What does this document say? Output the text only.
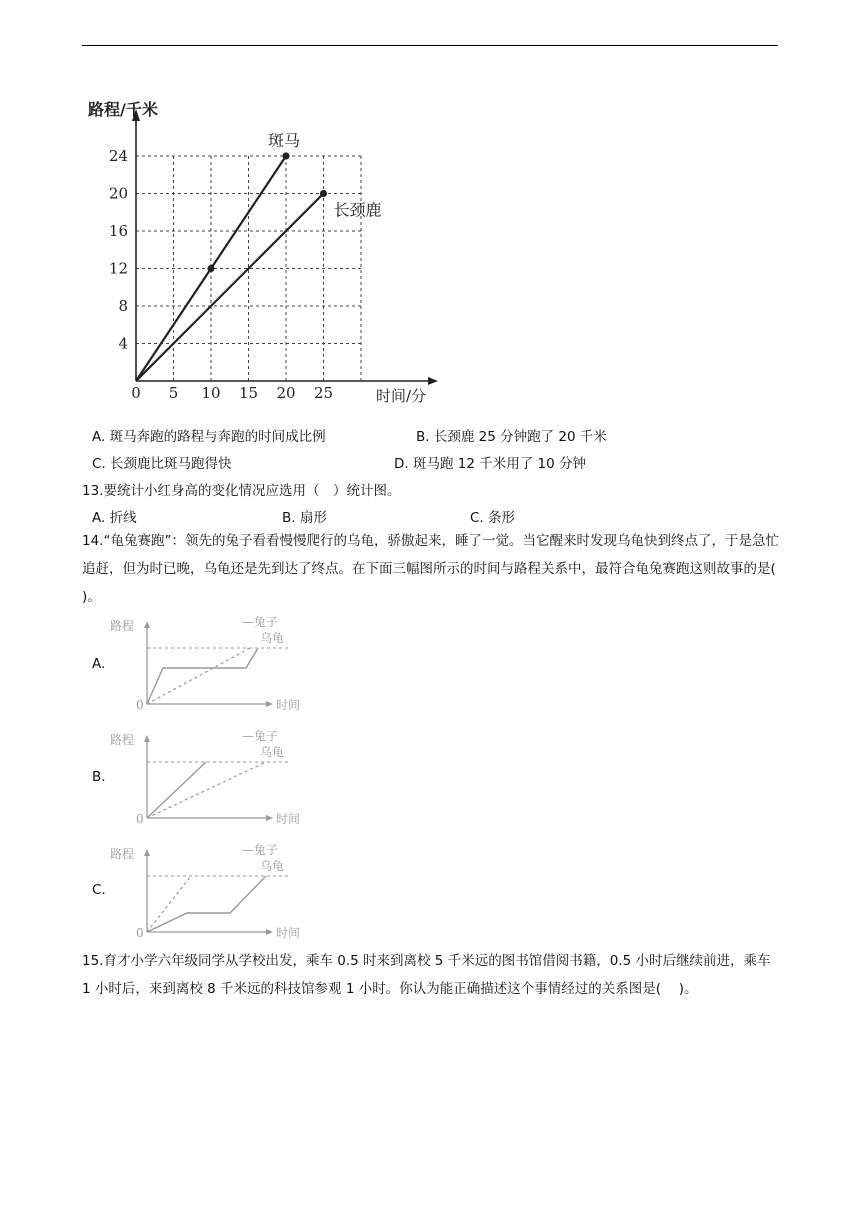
0 5 10 15 20 25
4
8
12
16
20
24
路程/千米
时间/分
斑马
长颈鹿
A. 斑马奔跑的路程与奔跑的时间成比例	B. 长颈鹿 25 分钟跑了 20 千米
C. 长颈鹿比斑马跑得快	D. 斑马跑 12 千米用了 10 分钟
13.要统计小红身高的变化情况应选用（　）统计图。
A. 折线	B. 扇形	C. 条形
14.“龟兔赛跑”：领先的兔子看看慢慢爬行的乌龟，骄傲起来，睡了一觉。当它醒来时发现乌龟快到终点了，于是急忙追赶，但为时已晚，乌龟还是先到达了终点。在下面三幅图所示的时间与路程关系中，最符合龟兔赛跑这则故事的是(　 )。
A.
路程
时间
0
—兔子
乌龟
B.
路程
时间
0
—兔子
乌龟
C.
路程
时间
0
—兔子
乌龟
15.育才小学六年级同学从学校出发，乘车 0.5 时来到离校 5 千米远的图书馆借阅书籍，0.5 小时后继续前进，乘车 1 小时后，来到离校 8 千米远的科技馆参观 1 小时。你认为能正确描述这个事情经过的关系图是(　 )。
